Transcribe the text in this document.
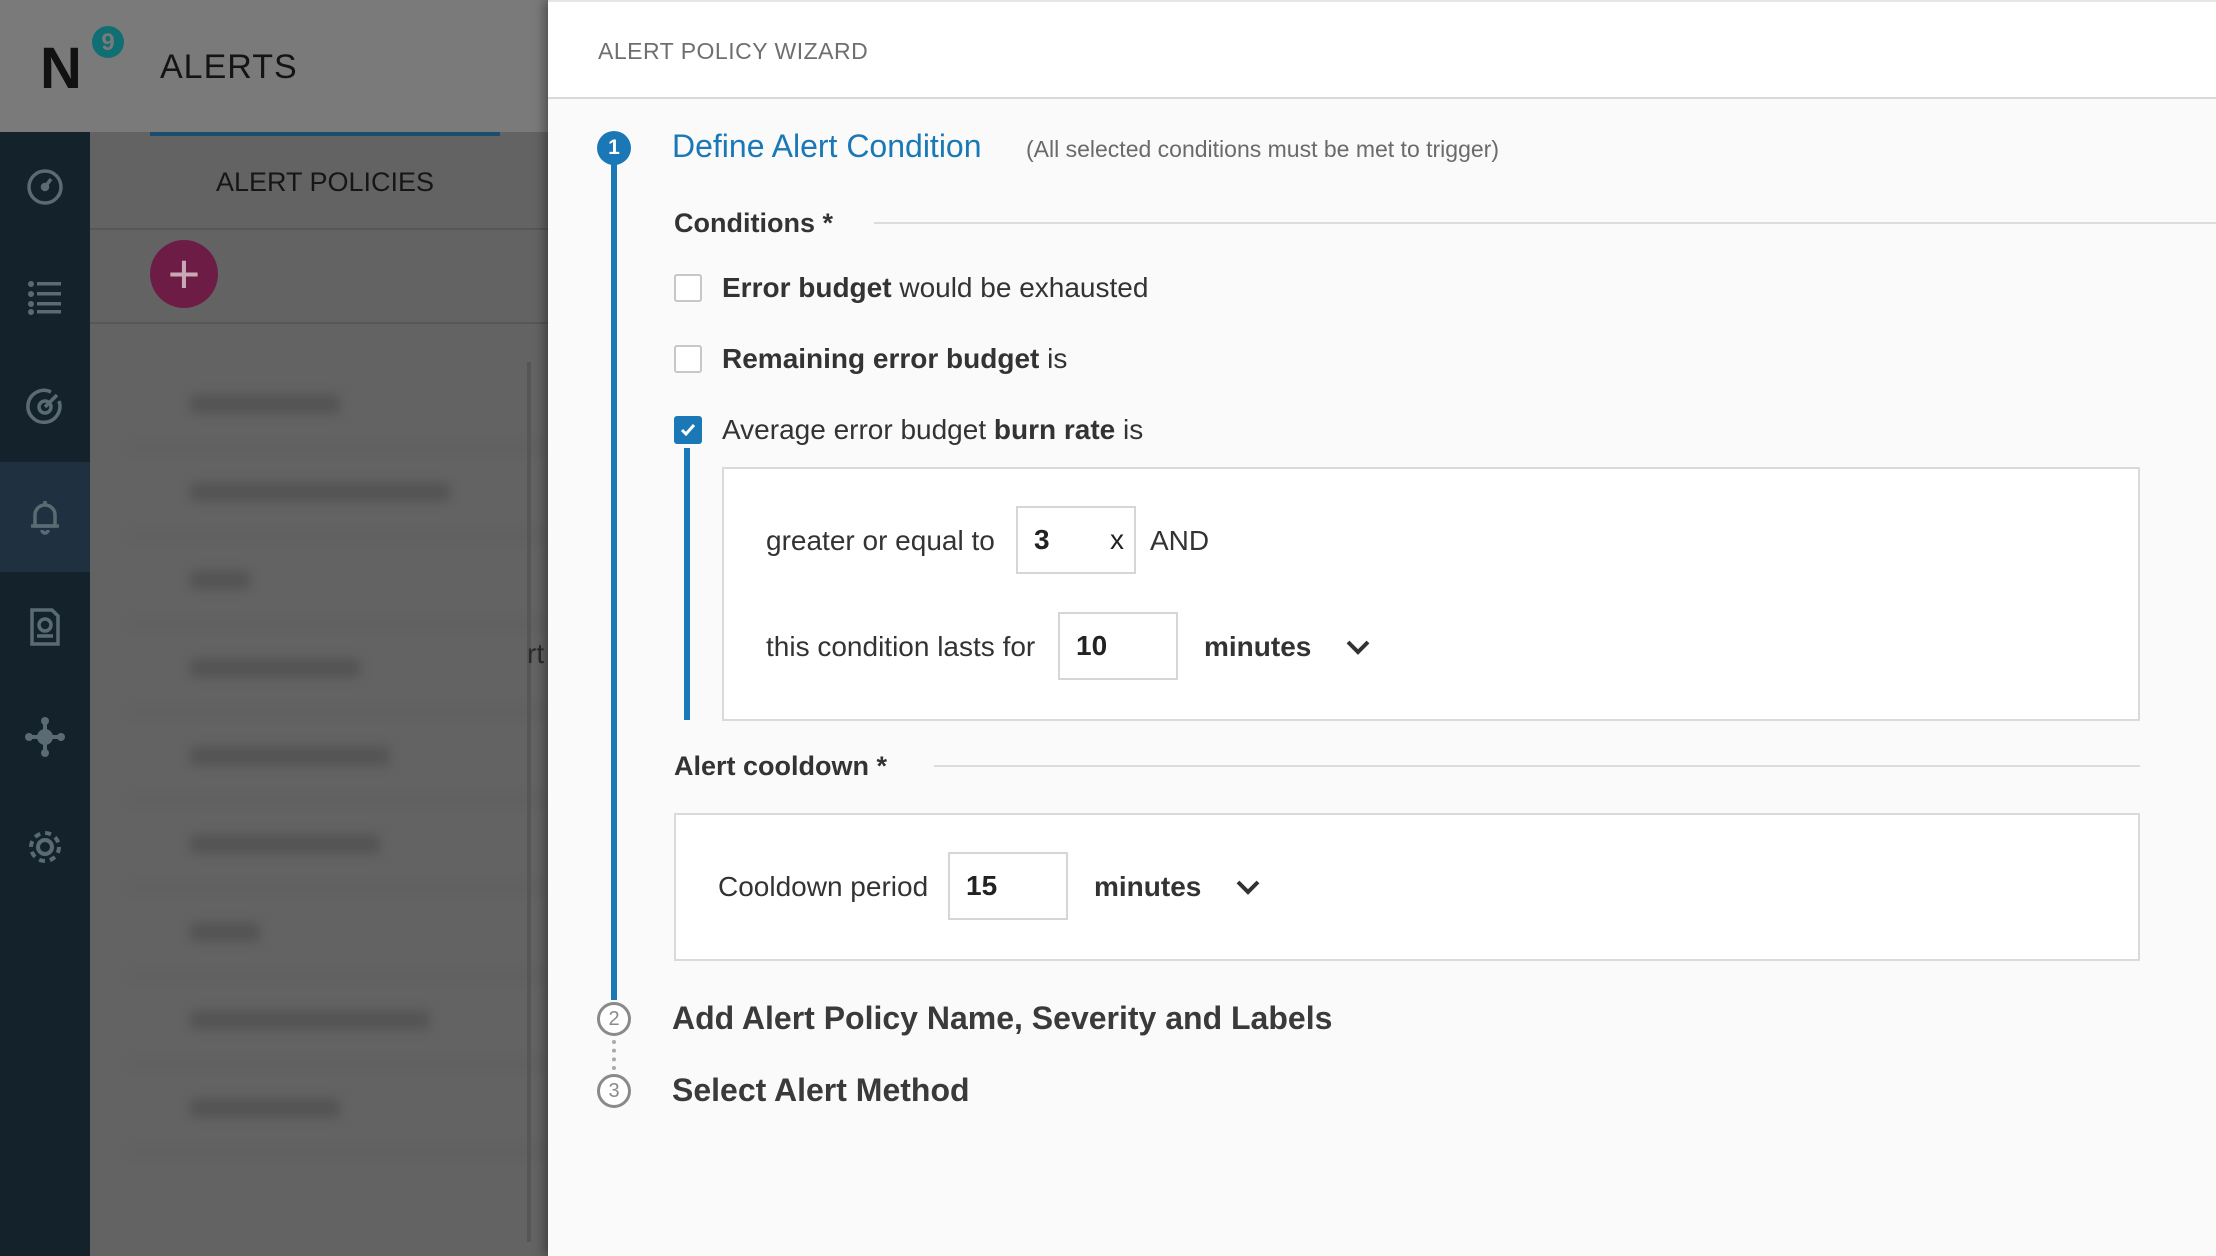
N 9
ALERTS
ALERT POLICIES
+
rt
ALERT POLICY WIZARD
1
2
3
Define Alert Condition (All selected conditions must be met to trigger)
Conditions *
Error budget would be exhausted
Remaining error budget is
Average error budget burn rate is
greater or equal to 3 x AND
this condition lasts for 10	minutes
Alert cooldown *
Cooldown period 15	minutes
Add Alert Policy Name, Severity and Labels
Select Alert Method
